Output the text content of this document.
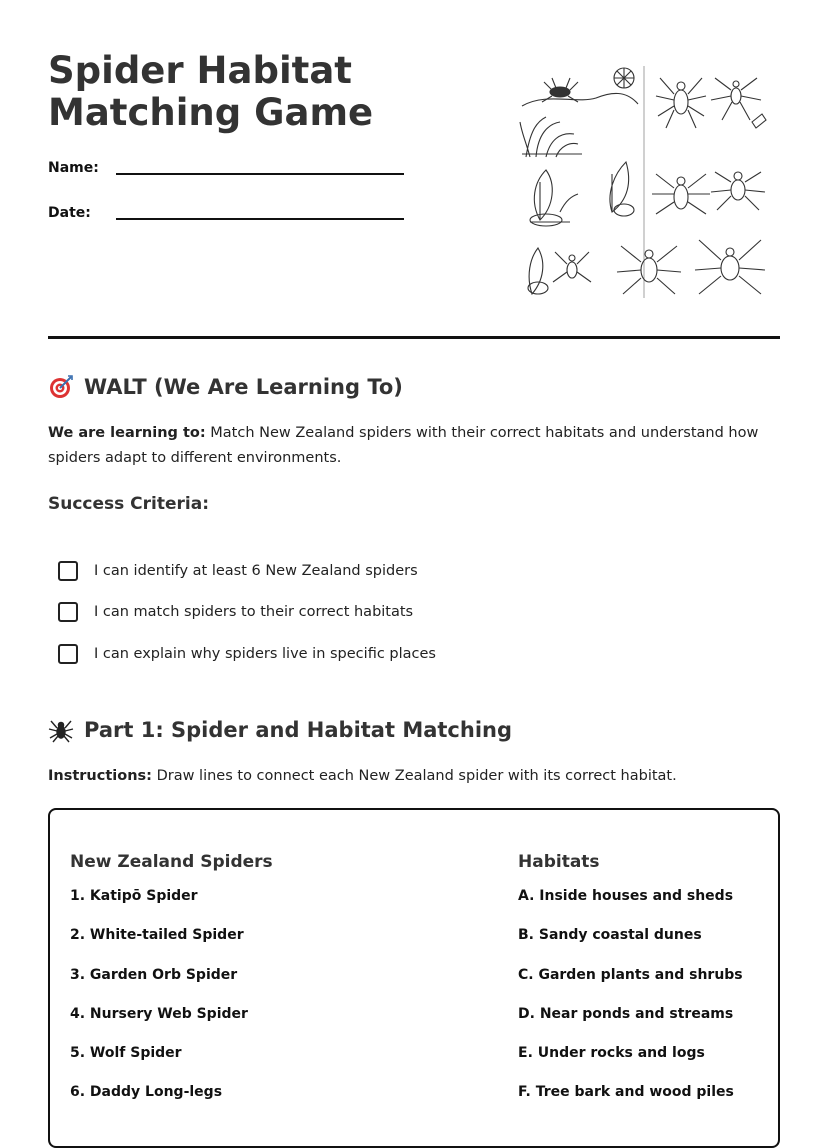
Spider Habitat
Matching Game
Name:
Date:
WALT (We Are Learning To)

We are learning to: Match New Zealand spiders with their correct habitats and understand how spiders adapt to different environments.

Success Criteria:
I can identify at least 6 New Zealand spiders
I can match spiders to their correct habitats
I can explain why spiders live in specific places
Part 1: Spider and Habitat Matching

Instructions: Draw lines to connect each New Zealand spider with its correct habitat.

New Zealand Spiders
1. Katipō Spider
2. White-tailed Spider
3. Garden Orb Spider
4. Nursery Web Spider
5. Wolf Spider
6. Daddy Long-legs
Habitats
A. Inside houses and sheds
B. Sandy coastal dunes
C. Garden plants and shrubs
D. Near ponds and streams
E. Under rocks and logs
F. Tree bark and wood piles
